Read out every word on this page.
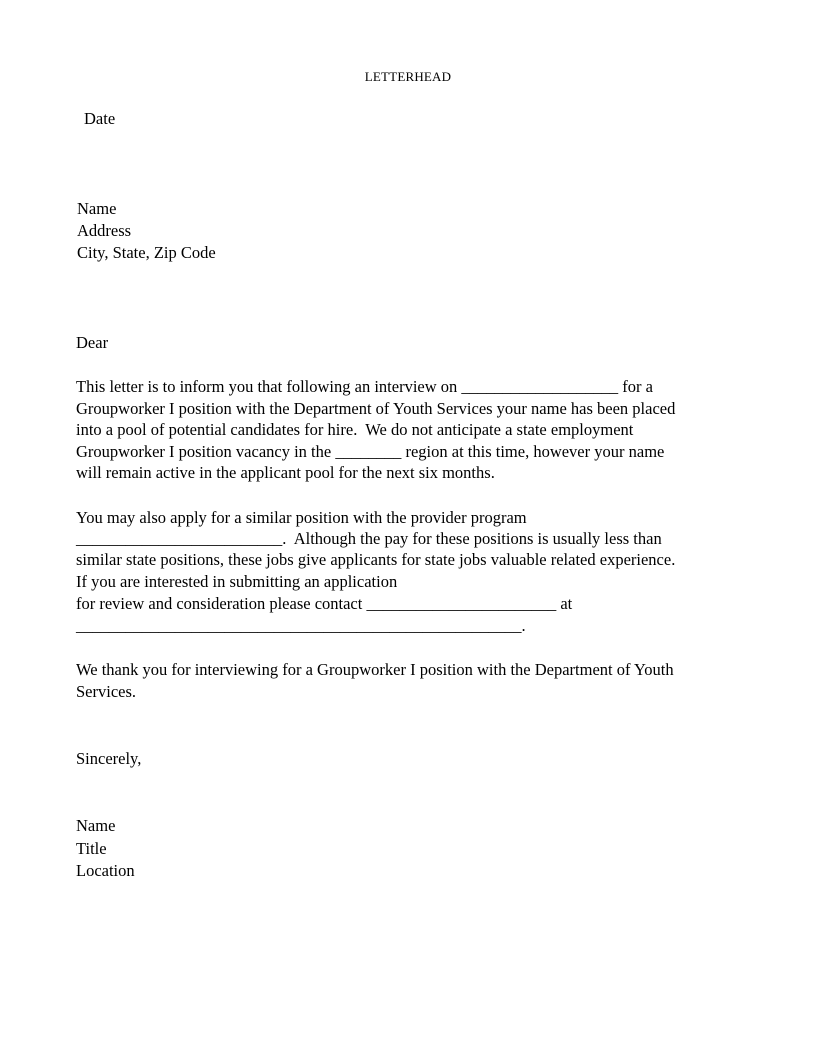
LETTERHEAD
Date
Name
Address
City, State, Zip Code
Dear
This letter is to inform you that following an interview on ___________________ for a
Groupworker I position with the Department of Youth Services your name has been placed
into a pool of potential candidates for hire.  We do not anticipate a state employment
Groupworker I position vacancy in the ________ region at this time, however your name
will remain active in the applicant pool for the next six months.
You may also apply for a similar position with the provider program
_________________________.  Although the pay for these positions is usually less than
similar state positions, these jobs give applicants for state jobs valuable related experience.
If you are interested in submitting an application
for review and consideration please contact _______________________ at
______________________________________________________.
We thank you for interviewing for a Groupworker I position with the Department of Youth
Services.
Sincerely,
Name
Title
Location
